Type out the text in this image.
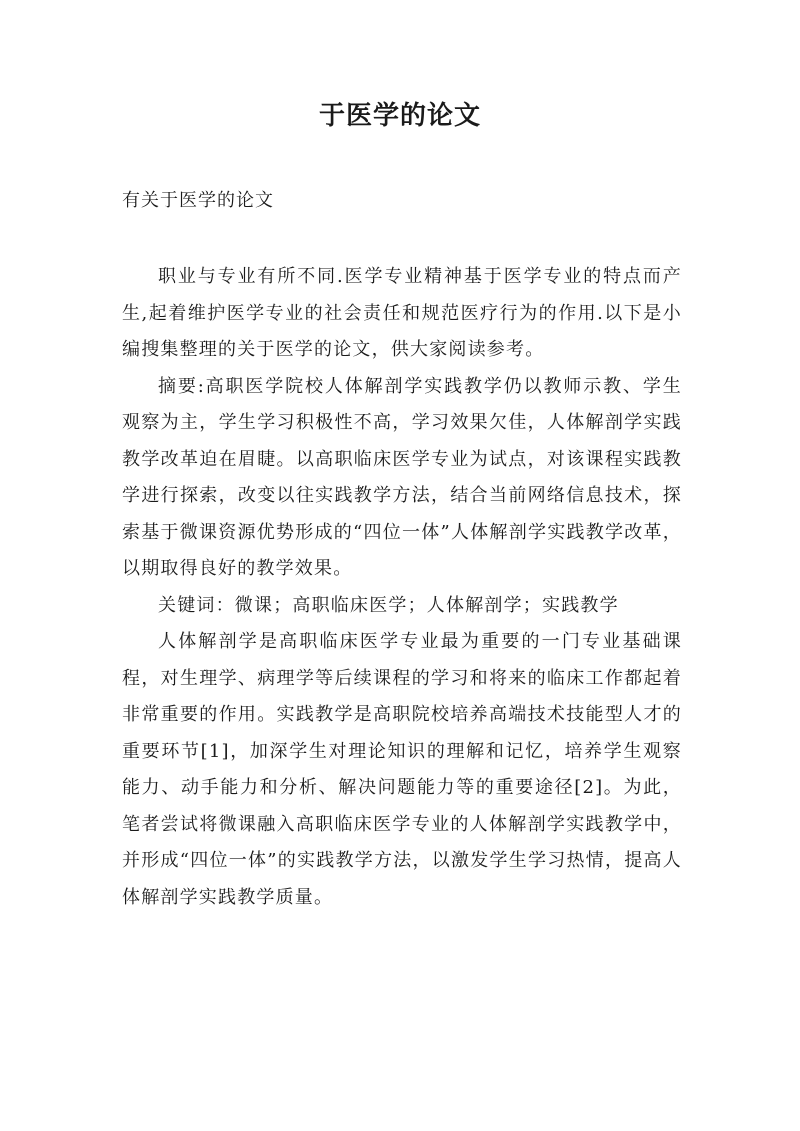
于医学的论文
有关于医学的论文

职业与专业有所不同.医学专业精神基于医学专业的特点而产生,起着维护医学专业的社会责任和规范医疗行为的作用.以下是小编搜集整理的关于医学的论文，供大家阅读参考。

摘要:高职医学院校人体解剖学实践教学仍以教师示教、学生观察为主，学生学习积极性不高，学习效果欠佳，人体解剖学实践教学改革迫在眉睫。以高职临床医学专业为试点，对该课程实践教学进行探索，改变以往实践教学方法，结合当前网络信息技术，探索基于微课资源优势形成的“四位一体”人体解剖学实践教学改革，以期取得良好的教学效果。

关键词：微课；高职临床医学；人体解剖学；实践教学

人体解剖学是高职临床医学专业最为重要的一门专业基础课程，对生理学、病理学等后续课程的学习和将来的临床工作都起着非常重要的作用。实践教学是高职院校培养高端技术技能型人才的重要环节[1]，加深学生对理论知识的理解和记忆，培养学生观察能力、动手能力和分析、解决问题能力等的重要途径[2]。为此，笔者尝试将微课融入高职临床医学专业的人体解剖学实践教学中，并形成“四位一体”的实践教学方法，以激发学生学习热情，提高人体解剖学实践教学质量。
